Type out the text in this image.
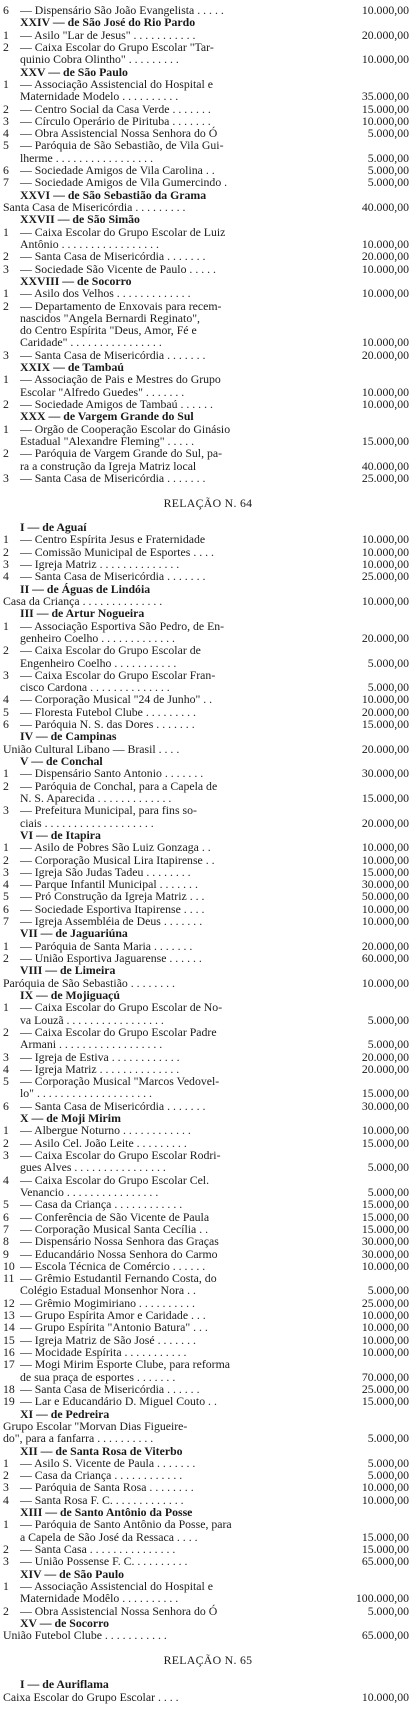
6 — Dispensário São João Evangelista . . . . .	10.000,00
XXIV — de São José do Rio Pardo
1 — Asilo "Lar de Jesus" . . . . . . . . . . .	20.000,00
2 — Caixa Escolar do Grupo Escolar "Tar-
quinio Cobra Olintho" . . . . . . . . .	10.000,00
XXV — de São Paulo
1 — Associação Assistencial do Hospital e
Maternidade Modelo . . . . . . . . . .	35.000,00
2 — Centro Social da Casa Verde . . . . . . .	15.000,00
3 — Círculo Operário de Pirituba . . . . . . .	10.000,00
4 — Obra Assistencial Nossa Senhora do Ó	5.000,00
5 — Paróquia de São Sebastião, de Vila Gui-
lherme . . . . . . . . . . . . . . . . .	5.000,00
6 — Sociedade Amigos de Vila Carolina . .	5.000,00
7 — Sociedade Amigos de Vila Gumercindo .	5.000,00
XXVI — de São Sebastião da Grama
Santa Casa de Misericórdia . . . . . . . . .	40.000,00
XXVII — de São Simão
1 — Caixa Escolar do Grupo Escolar de Luiz
Antônio . . . . . . . . . . . . . . . . .	10.000,00
2 — Santa Casa de Misericórdia . . . . . . .	20.000,00
3 — Sociedade São Vicente de Paulo . . . . .	10.000,00
XXVIII — de Socorro
1 — Asilo dos Velhos . . . . . . . . . . . . .	10.000,00
2 — Departamento de Enxovais para recem-
nascidos "Angela Bernardi Reginato",
do Centro Espírita "Deus, Amor, Fé e
Caridade" . . . . . . . . . . . . . . . .	10.000,00
3 — Santa Casa de Misericórdia . . . . . . .	20.000,00
XXIX — de Tambaú
1 — Associação de Pais e Mestres do Grupo
Escolar "Alfredo Guedes" . . . . . . .	10.000,00
2 — Sociedade Amigos de Tambaú . . . . . .	10.000,00
XXX — de Vargem Grande do Sul
1 — Orgão de Cooperação Escolar do Ginásio
Estadual "Alexandre Fleming" . . . . .	15.000,00
2 — Paróquia de Vargem Grande do Sul, pa-
ra a construção da Igreja Matriz local	40.000,00
3 — Santa Casa de Misericórdia . . . . . . .	25.000,00
RELAÇÃO N. 64
I — de Aguaí
1 — Centro Espírita Jesus e Fraternidade	10.000,00
2 — Comissão Municipal de Esportes . . . .	10.000,00
3 — Igreja Matriz . . . . . . . . . . . . . .	10.000,00
4 — Santa Casa de Misericórdia . . . . . . .	25.000,00
II — de Águas de Lindóia
Casa da Criança . . . . . . . . . . . . . .	10.000,00
III — de Artur Nogueira
1 — Associação Esportiva São Pedro, de En-
genheiro Coelho . . . . . . . . . . . . .	20.000,00
2 — Caixa Escolar do Grupo Escolar de
Engenheiro Coelho . . . . . . . . . . .	5.000,00
3 — Caixa Escolar do Grupo Escolar Fran-
cisco Cardona . . . . . . . . . . . . . .	5.000,00
4 — Corporação Musical "24 de Junho" . .	10.000,00
5 — Floresta Futebol Clube . . . . . . . . .	20.000,00
6 — Paróquia N. S. das Dores . . . . . . .	15.000,00
IV — de Campinas
União Cultural Libano — Brasil . . . .	20.000,00
V — de Conchal
1 — Dispensário Santo Antonio . . . . . . .	30.000,00
2 — Paróquia de Conchal, para a Capela de
N. S. Aparecida . . . . . . . . . . . . .	15.000,00
3 — Prefeitura Municipal, para fins so-
ciais . . . . . . . . . . . . . . . . . . .	20.000,00
VI — de Itapira
1 — Asilo de Pobres São Luiz Gonzaga . .	10.000,00
2 — Corporação Musical Lira Itapirense . .	10.000,00
3 — Igreja São Judas Tadeu . . . . . . . .	15.000,00
4 — Parque Infantil Municipal . . . . . . .	30.000,00
5 — Pró Construção da Igreja Matriz . . .	50.000,00
6 — Sociedade Esportiva Itapirense . . . .	10.000,00
7 — Igreja Assembléia de Deus . . . . . . .	10.000,00
VII — de Jaguariúna
1 — Paróquia de Santa Maria . . . . . . .	20.000,00
2 — União Esportiva Jaguarense . . . . . .	60.000,00
VIII — de Limeira
Paróquia de São Sebastião . . . . . . . .	10.000,00
IX — de Mojiguaçú
1 — Caixa Escolar do Grupo Escolar de No-
va Louzã . . . . . . . . . . . . . . . . .	5.000,00
2 — Caixa Escolar do Grupo Escolar Padre
Armani . . . . . . . . . . . . . . . . . .	5.000,00
3 — Igreja de Estiva . . . . . . . . . . . .	20.000,00
4 — Igreja Matriz . . . . . . . . . . . . . .	20.000,00
5 — Corporação Musical "Marcos Vedovel-
lo" . . . . . . . . . . . . . . . . . . . .	15.000,00
6 — Santa Casa de Misericórdia . . . . . . .	30.000,00
X — de Moji Mirim
1 — Albergue Noturno . . . . . . . . . . . .	10.000,00
2 — Asilo Cel. João Leite . . . . . . . . .	15.000,00
3 — Caixa Escolar do Grupo Escolar Rodri-
gues Alves . . . . . . . . . . . . . . . .	5.000,00
4 — Caixa Escolar do Grupo Escolar Cel.
Venancio . . . . . . . . . . . . . . . .	5.000,00
5 — Casa da Criança . . . . . . . . . . . .	15.000,00
6 — Conferência de São Vicente de Paula	15.000,00
7 — Corporação Musical Santa Cecília . .	15.000,00
8 — Dispensário Nossa Senhora das Graças	30.000,00
9 — Educandário Nossa Senhora do Carmo	30.000,00
10 — Escola Técnica de Comércio . . . . . .	10.000,00
11 — Grêmio Estudantil Fernando Costa, do
Colégio Estadual Monsenhor Nora . .	5.000,00
12 — Grêmio Mogimiriano . . . . . . . . . .	25.000,00
13 — Grupo Espírita Amor e Caridade . . .	10.000,00
14 — Grupo Espírita "Antonio Batura" . . .	10.000,00
15 — Igreja Matriz de São José . . . . . . .	10.000,00
16 — Mocidade Espírita . . . . . . . . . . .	10.000,00
17 — Mogi Mirim Esporte Clube, para reforma
de sua praça de esportes . . . . . . .	70.000,00
18 — Santa Casa de Misericórdia . . . . . .	25.000,00
19 — Lar e Educandário D. Miguel Couto . .	15.000,00
XI — de Pedreira
Grupo Escolar "Morvan Dias Figueire-
do", para a fanfarra . . . . . . . . . .	5.000,00
XII — de Santa Rosa de Viterbo
1 — Asilo S. Vicente de Paula . . . . . . .	5.000,00
2 — Casa da Criança . . . . . . . . . . . .	5.000,00
3 — Paróquia de Santa Rosa . . . . . . . .	10.000,00
4 — Santa Rosa F. C. . . . . . . . . . . . .	10.000,00
XIII — de Santo Antônio da Posse
1 — Paróquia de Santo Antônio da Posse, para
a Capela de São José da Ressaca . . . .	15.000,00
2 — Santa Casa . . . . . . . . . . . . . . .	15.000,00
3 — União Possense F. C. . . . . . . . . .	65.000,00
XIV — de São Paulo
1 — Associação Assistencial do Hospital e
Maternidade Modêlo . . . . . . . . . .	100.000,00
2 — Obra Assistencial Nossa Senhora do Ó	5.000,00
XV — de Socorro
União Futebol Clube . . . . . . . . . . .	65.000,00
RELAÇÃO N. 65
I — de Auriflama
Caixa Escolar do Grupo Escolar . . . .	10.000,00
